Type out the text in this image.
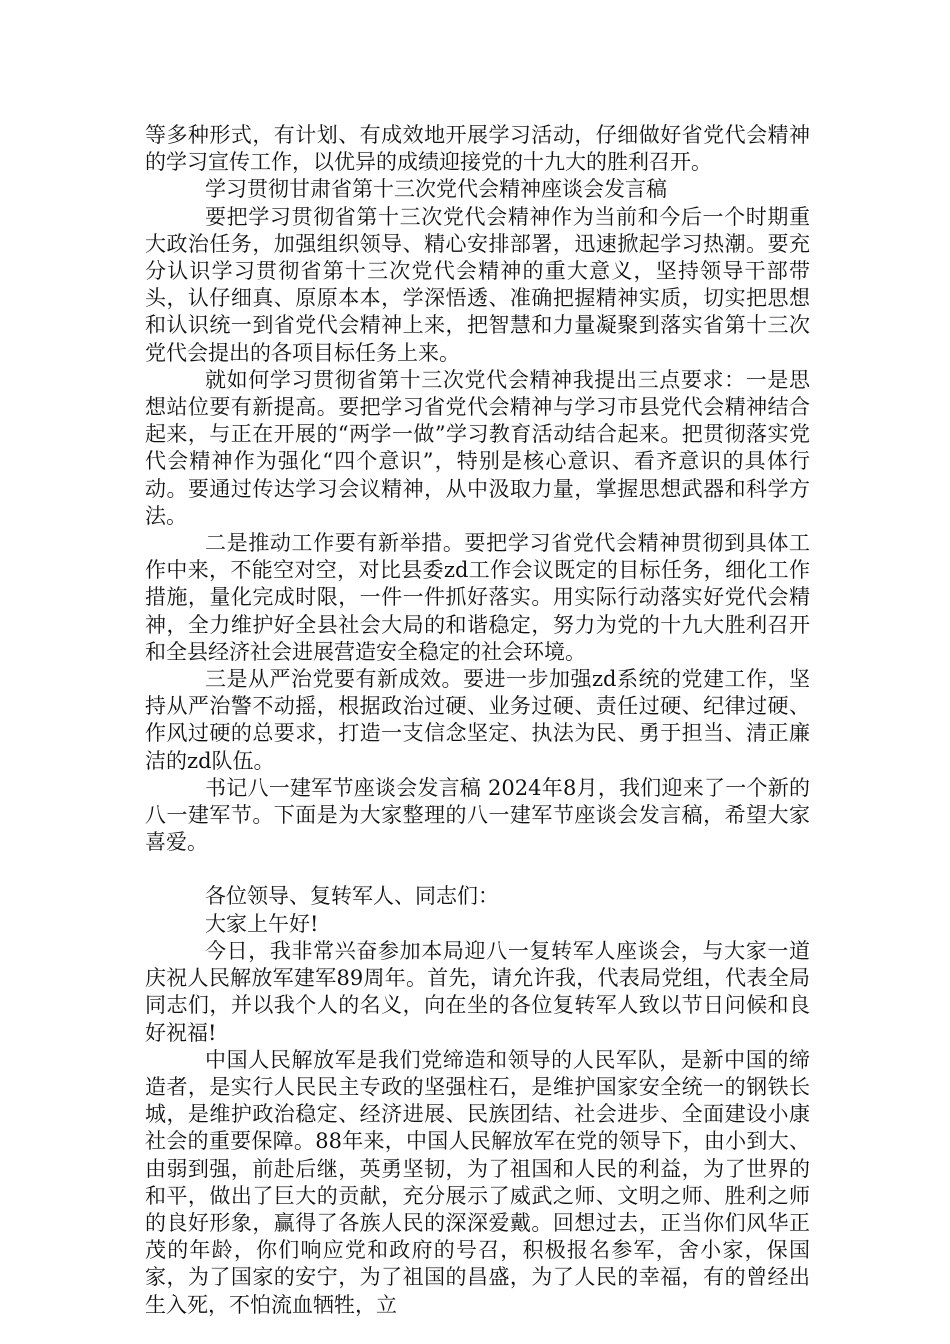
等多种形式，有计划、有成效地开展学习活动，仔细做好省党代会精神的学习宣传工作，以优异的成绩迎接党的十九大的胜利召开。

学习贯彻甘肃省第十三次党代会精神座谈会发言稿

要把学习贯彻省第十三次党代会精神作为当前和今后一个时期重大政治任务，加强组织领导、精心安排部署，迅速掀起学习热潮。要充分认识学习贯彻省第十三次党代会精神的重大意义，坚持领导干部带头，认仔细真、原原本本，学深悟透、准确把握精神实质，切实把思想和认识统一到省党代会精神上来，把智慧和力量凝聚到落实省第十三次党代会提出的各项目标任务上来。

就如何学习贯彻省第十三次党代会精神我提出三点要求：一是思想站位要有新提高。要把学习省党代会精神与学习市县党代会精神结合起来，与正在开展的“两学一做”学习教育活动结合起来。把贯彻落实党代会精神作为强化“四个意识”，特别是核心意识、看齐意识的具体行动。要通过传达学习会议精神，从中汲取力量，掌握思想武器和科学方法。

二是推动工作要有新举措。要把学习省党代会精神贯彻到具体工作中来，不能空对空，对比县委zd工作会议既定的目标任务，细化工作措施，量化完成时限，一件一件抓好落实。用实际行动落实好党代会精神，全力维护好全县社会大局的和谐稳定，努力为党的十九大胜利召开和全县经济社会进展营造安全稳定的社会环境。

三是从严治党要有新成效。要进一步加强zd系统的党建工作，坚持从严治警不动摇，根据政治过硬、业务过硬、责任过硬、纪律过硬、作风过硬的总要求，打造一支信念坚定、执法为民、勇于担当、清正廉洁的zd队伍。

书记八一建军节座谈会发言稿 2024年8月，我们迎来了一个新的八一建军节。下面是为大家整理的八一建军节座谈会发言稿，希望大家喜爱。

各位领导、复转军人、同志们：

大家上午好!

今日，我非常兴奋参加本局迎八一复转军人座谈会，与大家一道庆祝人民解放军建军89周年。首先，请允许我，代表局党组，代表全局同志们，并以我个人的名义，向在坐的各位复转军人致以节日问候和良好祝福!

中国人民解放军是我们党缔造和领导的人民军队，是新中国的缔造者，是实行人民民主专政的坚强柱石，是维护国家安全统一的钢铁长城，是维护政治稳定、经济进展、民族团结、社会进步、全面建设小康社会的重要保障。88年来，中国人民解放军在党的领导下，由小到大、由弱到强，前赴后继，英勇坚韧，为了祖国和人民的利益，为了世界的和平，做出了巨大的贡献，充分展示了威武之师、文明之师、胜利之师的良好形象，赢得了各族人民的深深爱戴。回想过去，正当你们风华正茂的年龄，你们响应党和政府的号召，积极报名参军，舍小家，保国家，为了国家的安宁，为了祖国的昌盛，为了人民的幸福，有的曾经出生入死，不怕流血牺牲，立
